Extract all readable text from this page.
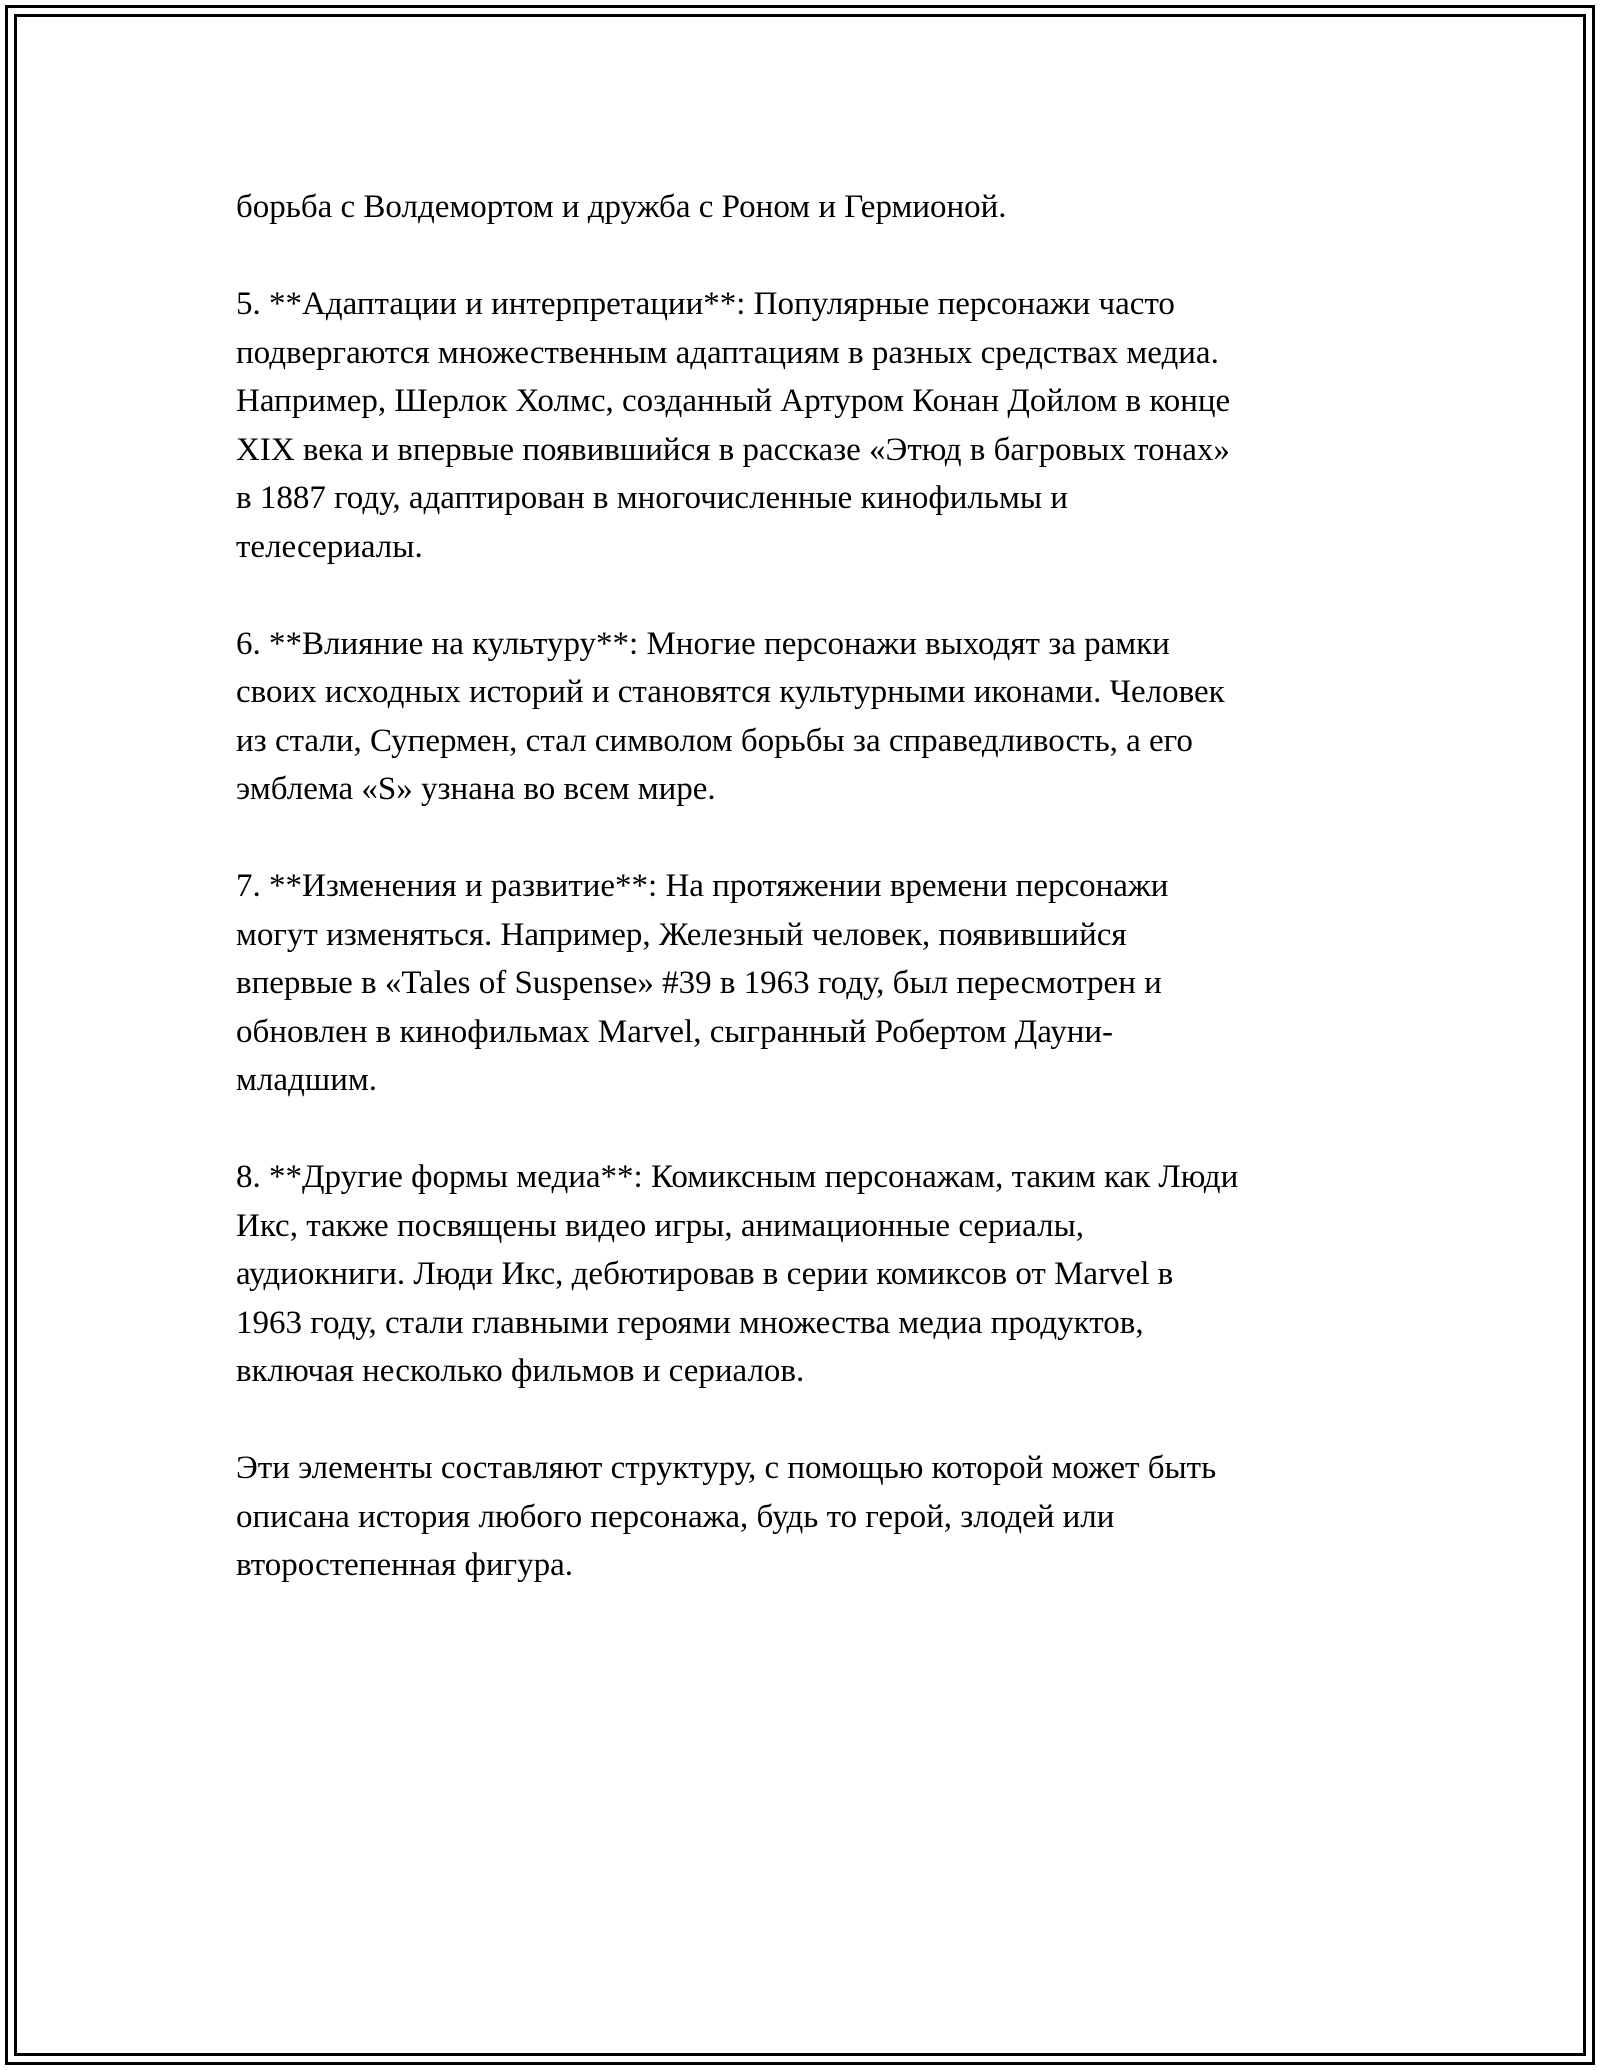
борьба с Волдемортом и дружба с Роном и Гермионой.

5. **Адаптации и интерпретации**: Популярные персонажи часто
подвергаются множественным адаптациям в разных средствах медиа.
Например, Шерлок Холмс, созданный Артуром Конан Дойлом в конце
XIX века и впервые появившийся в рассказе «Этюд в багровых тонах»
в 1887 году, адаптирован в многочисленные кинофильмы и
телесериалы.

6. **Влияние на культуру**: Многие персонажи выходят за рамки
своих исходных историй и становятся культурными иконами. Человек
из стали, Супермен, стал символом борьбы за справедливость, а его
эмблема «S» узнана во всем мире.

7. **Изменения и развитие**: На протяжении времени персонажи
могут изменяться. Например, Железный человек, появившийся
впервые в «Tales of Suspense» #39 в 1963 году, был пересмотрен и
обновлен в кинофильмах Marvel, сыгранный Робертом Дауни-
младшим.

8. **Другие формы медиа**: Комиксным персонажам, таким как Люди
Икс, также посвящены видео игры, анимационные сериалы,
аудиокниги. Люди Икс, дебютировав в серии комиксов от Marvel в
1963 году, стали главными героями множества медиа продуктов,
включая несколько фильмов и сериалов.

Эти элементы составляют структуру, с помощью которой может быть
описана история любого персонажа, будь то герой, злодей или
второстепенная фигура.
